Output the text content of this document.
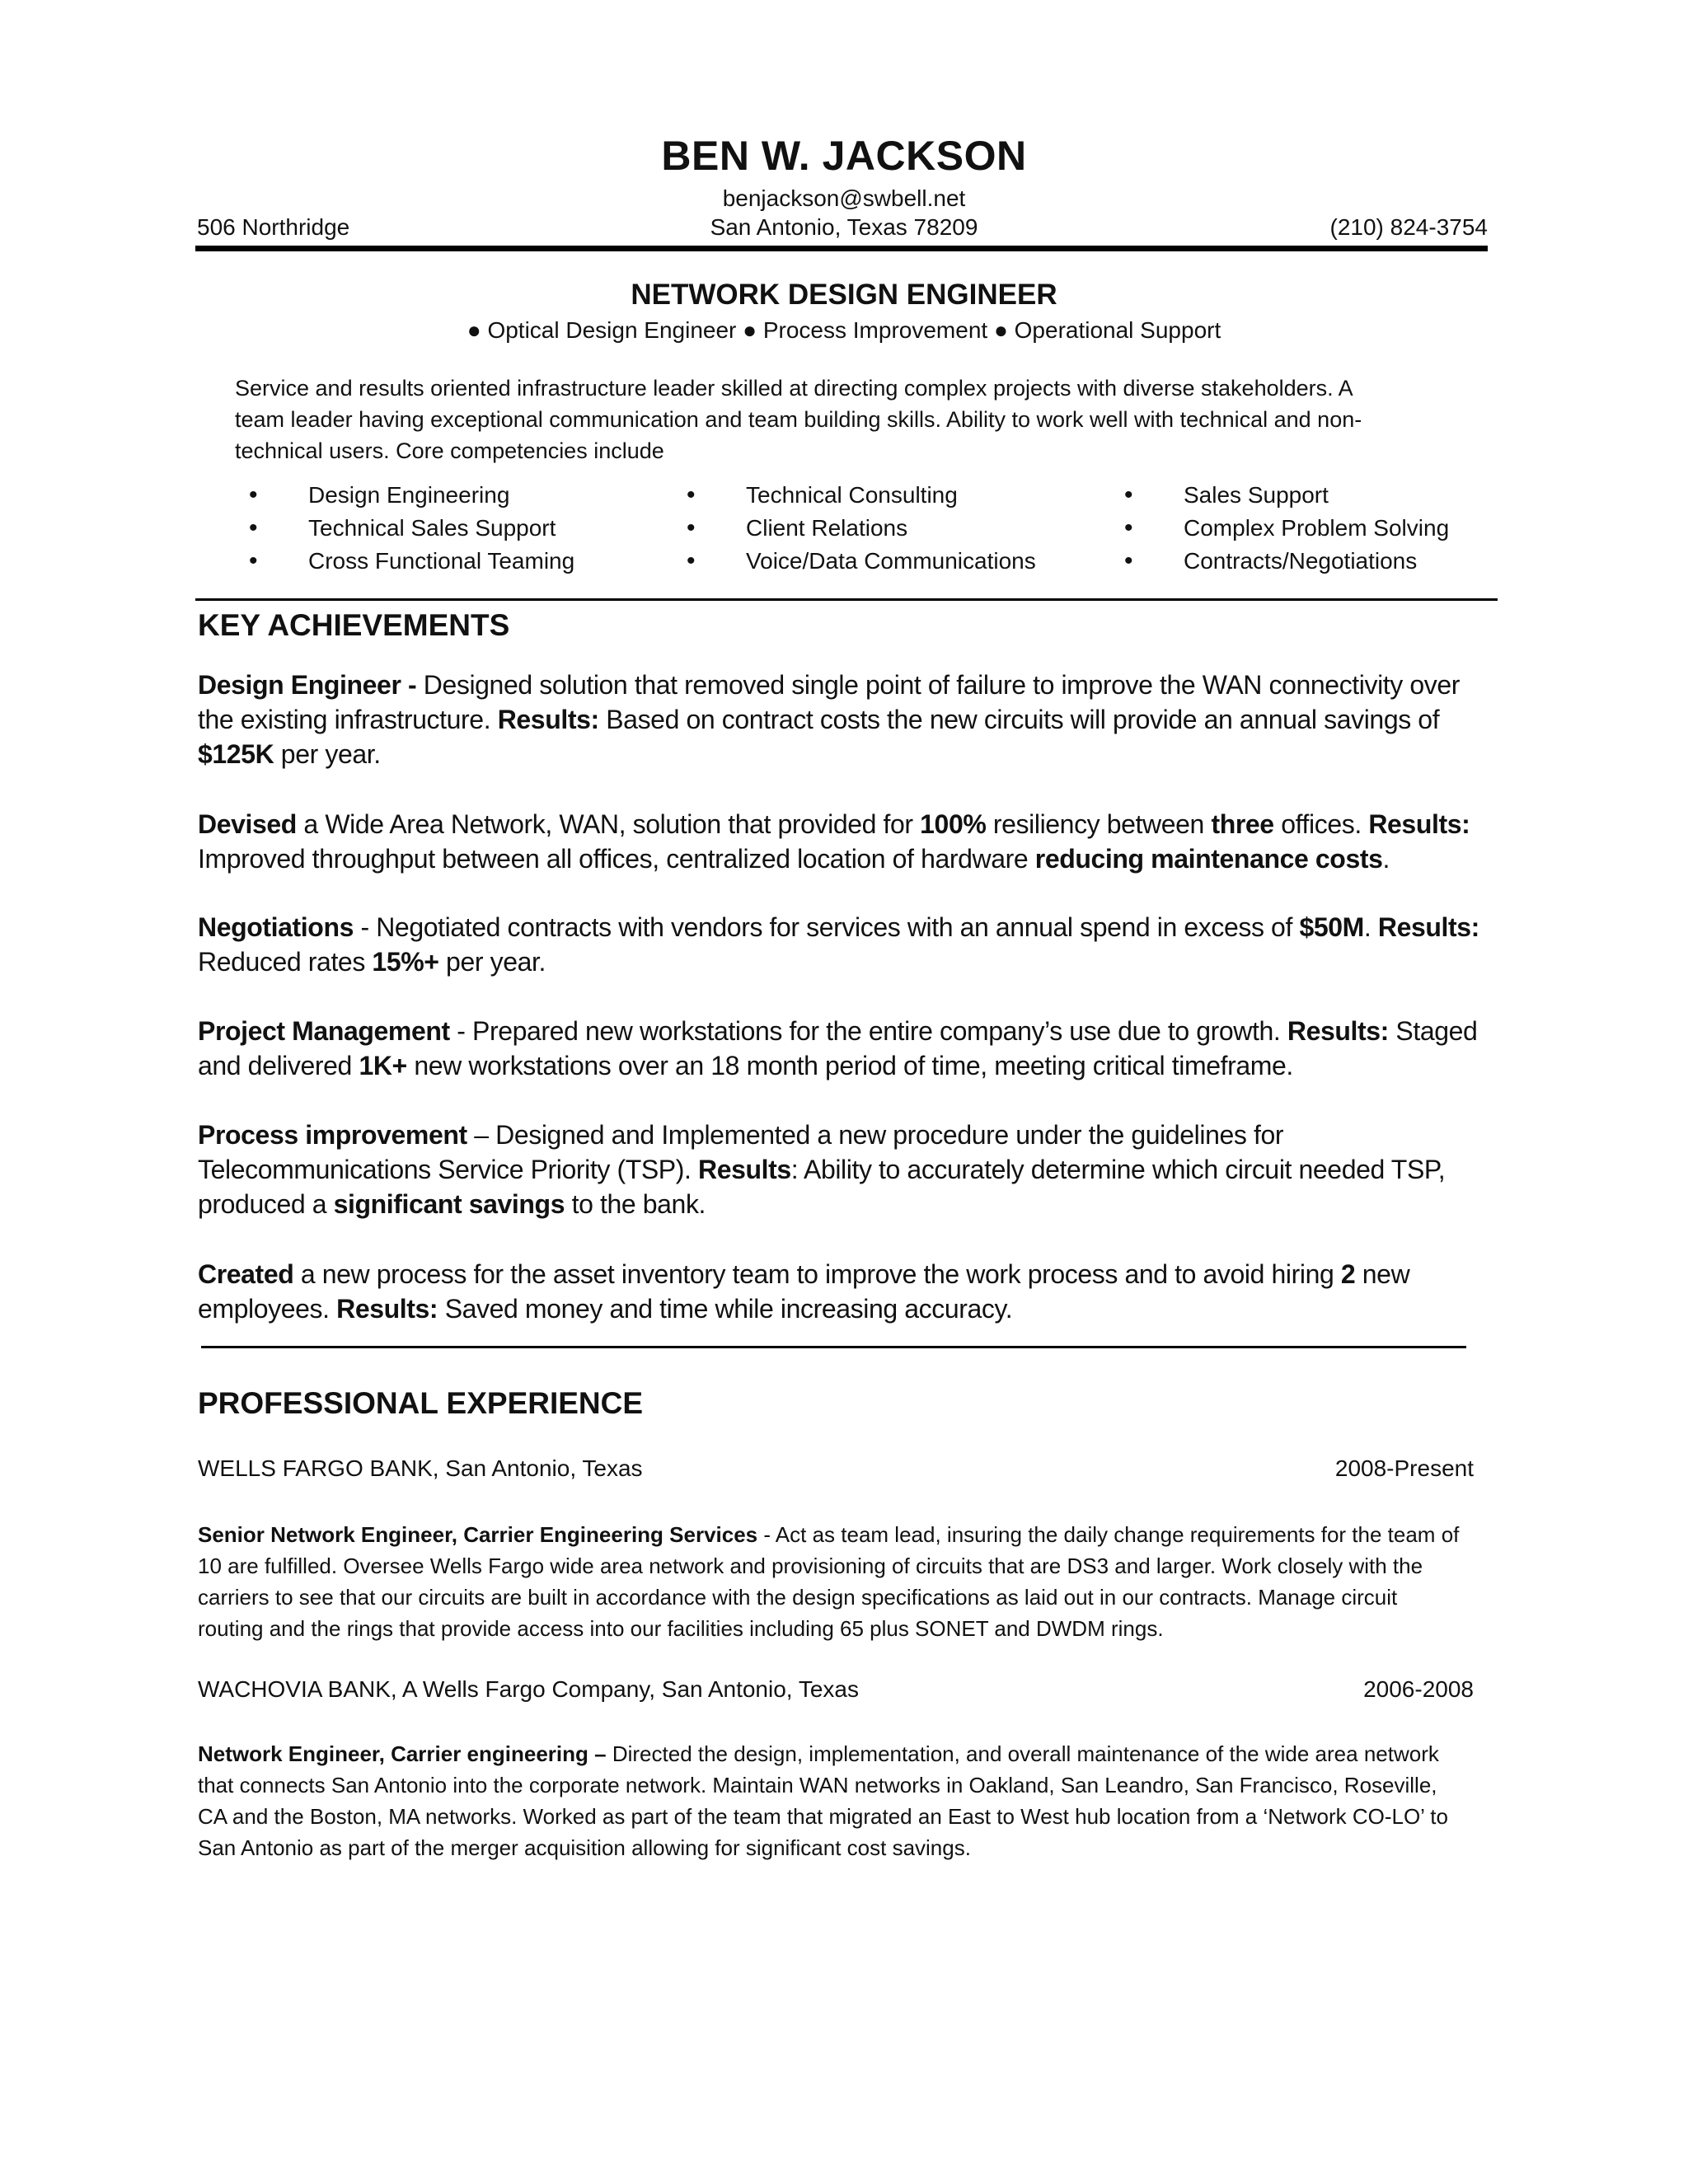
BEN W. JACKSON
benjackson@swbell.net
506 Northridge	San Antonio, Texas 78209	(210) 824-3754
NETWORK DESIGN ENGINEER
● Optical Design Engineer ● Process Improvement ● Operational Support
Service and results oriented infrastructure leader skilled at directing complex projects with diverse stakeholders. A
team leader having exceptional communication and team building skills. Ability to work well with technical and non-
technical users. Core competencies include
• Design Engineering
• Technical Sales Support
• Cross Functional Teaming
• Technical Consulting
• Client Relations
• Voice/Data Communications
• Sales Support
• Complex Problem Solving
• Contracts/Negotiations
KEY ACHIEVEMENTS
Design Engineer - Designed solution that removed single point of failure to improve the WAN connectivity over the existing infrastructure. Results: Based on contract costs the new circuits will provide an annual savings of $125K per year.
Devised a Wide Area Network, WAN, solution that provided for 100% resiliency between three offices. Results: Improved throughput between all offices, centralized location of hardware reducing maintenance costs.
Negotiations - Negotiated contracts with vendors for services with an annual spend in excess of $50M. Results: Reduced rates 15%+ per year.
Project Management - Prepared new workstations for the entire company’s use due to growth. Results: Staged and delivered 1K+ new workstations over an 18 month period of time, meeting critical timeframe.
Process improvement – Designed and Implemented a new procedure under the guidelines for Telecommunications Service Priority (TSP). Results: Ability to accurately determine which circuit needed TSP, produced a significant savings to the bank.
Created a new process for the asset inventory team to improve the work process and to avoid hiring 2 new employees. Results: Saved money and time while increasing accuracy.
PROFESSIONAL EXPERIENCE
WELLS FARGO BANK, San Antonio, Texas	2008-Present
Senior Network Engineer, Carrier Engineering Services - Act as team lead, insuring the daily change requirements for the team of 10 are fulfilled. Oversee Wells Fargo wide area network and provisioning of circuits that are DS3 and larger. Work closely with the carriers to see that our circuits are built in accordance with the design specifications as laid out in our contracts. Manage circuit routing and the rings that provide access into our facilities including 65 plus SONET and DWDM rings.
WACHOVIA BANK, A Wells Fargo Company, San Antonio, Texas	2006-2008
Network Engineer, Carrier engineering – Directed the design, implementation, and overall maintenance of the wide area network that connects San Antonio into the corporate network. Maintain WAN networks in Oakland, San Leandro, San Francisco, Roseville, CA and the Boston, MA networks. Worked as part of the team that migrated an East to West hub location from a ‘Network CO-LO’ to San Antonio as part of the merger acquisition allowing for significant cost savings.
